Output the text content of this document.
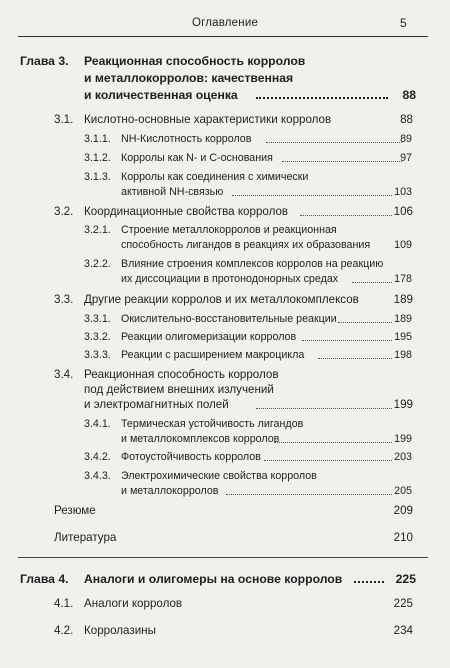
Оглавление	5
Глава 3. Реакционная способность корролов
и металлокорролов: качественная
и количественная оценка	88
3.1. Кислотно-основные характеристики корролов	88
3.1.1. NH-Кислотность корролов	89
3.1.2. Корролы как N- и С-основания	97
3.1.3. Корролы как соединения с химически
активной NH-связью	103
3.2. Координационные свойства корролов	106
3.2.1. Строение металлокорролов и реакционная
способность лигандов в реакциях их образования	109
3.2.2. Влияние строения комплексов корролов на реакцию
их диссоциации в протонодонорных средах	178
3.3. Другие реакции корролов и их металлокомплексов	189
3.3.1. Окислительно-восстановительные реакции	189
3.3.2. Реакции олигомеризации корролов	195
3.3.3. Реакции с расширением макроцикла	198
3.4. Реакционная способность корролов
под действием внешних излучений
и электромагнитных полей	199
3.4.1. Термическая устойчивость лигандов
и металлокомплексов корролов	199
3.4.2. Фотоустойчивость корролов	203
3.4.3. Электрохимические свойства корролов
и металлокорролов	205
Резюме	209
Литература	210
Глава 4. Аналоги и олигомеры на основе корролов	225
4.1. Аналоги корролов	225
4.2. Корролазины	234
